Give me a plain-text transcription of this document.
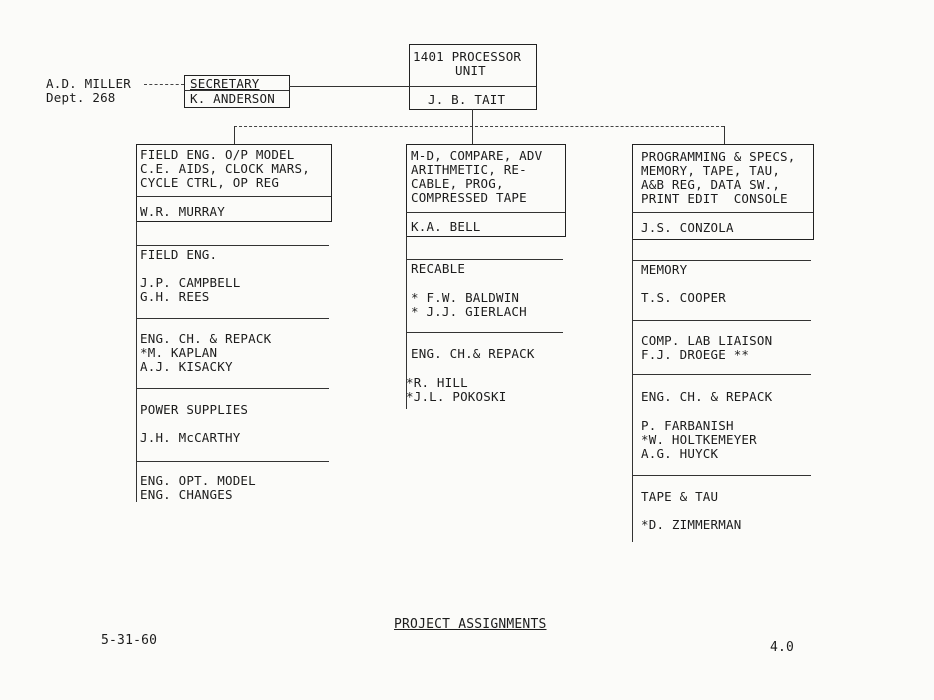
1401 PROCESSOR
UNIT
J. B. TAIT
A.D. MILLER
Dept. 268
SECRETARY
K. ANDERSON
FIELD ENG. O/P MODEL
C.E. AIDS, CLOCK MARS,
CYCLE CTRL, OP REG
W.R. MURRAY
FIELD ENG.
J.P. CAMPBELL
G.H. REES
ENG. CH. & REPACK
*M. KAPLAN
A.J. KISACKY
POWER SUPPLIES
J.H. McCARTHY
ENG. OPT. MODEL
ENG. CHANGES
M-D, COMPARE, ADV
ARITHMETIC, RE-
CABLE, PROG,
COMPRESSED TAPE
K.A. BELL
RECABLE
* F.W. BALDWIN
* J.J. GIERLACH
ENG. CH.& REPACK
*R. HILL
*J.L. POKOSKI
PROGRAMMING & SPECS,
MEMORY, TAPE, TAU,
A&B REG, DATA SW.,
PRINT EDIT  CONSOLE
J.S. CONZOLA
MEMORY
T.S. COOPER
COMP. LAB LIAISON
F.J. DROEGE **
ENG. CH. & REPACK
P. FARBANISH
*W. HOLTKEMEYER
A.G. HUYCK
TAPE & TAU
*D. ZIMMERMAN
PROJECT ASSIGNMENTS
5-31-60	4.0
